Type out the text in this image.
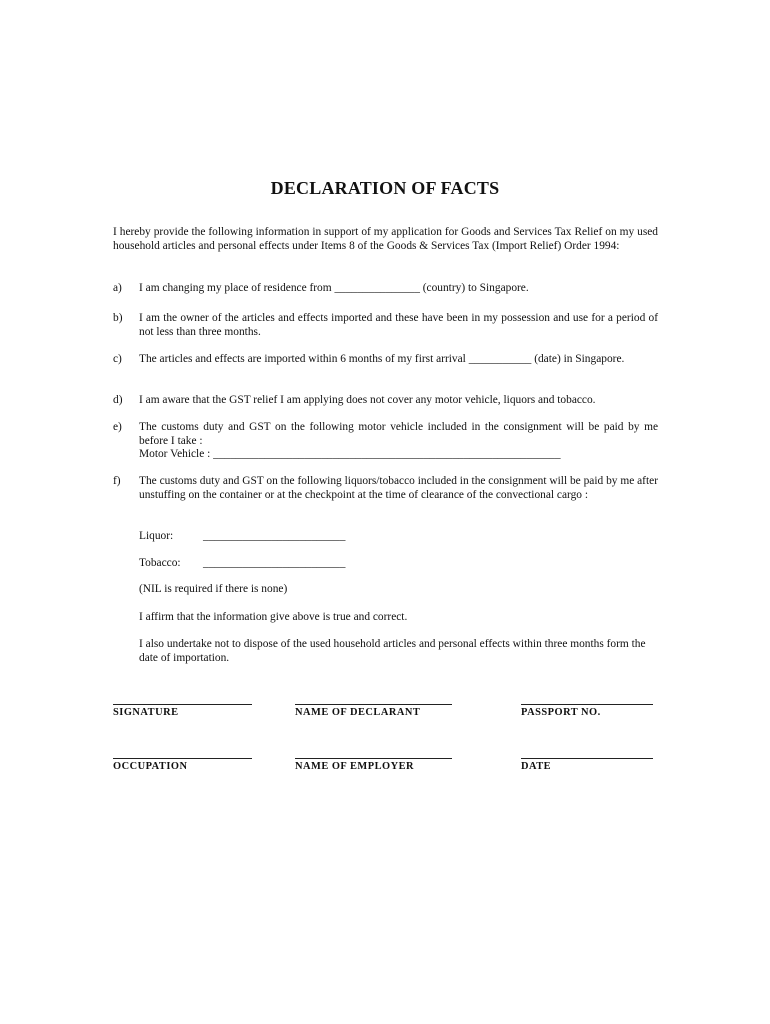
DECLARATION OF FACTS
I hereby provide the following information in support of my application for Goods and Services Tax Relief on my used household articles and personal effects under Items 8 of the Goods & Services Tax (Import Relief) Order 1994:
a)	I am changing my place of residence from _______________ (country) to Singapore.
b)	I am the owner of the articles and effects imported and these have been in my possession and use for a period of not less than three months.
c)	The articles and effects are imported within 6 months of my first arrival ___________ (date) in Singapore.
d)	I am aware that the GST relief I am applying does not cover any motor vehicle, liquors and tobacco.
e)	The customs duty and GST on the following motor vehicle included in the consignment will be paid by me before I take :
Motor Vehicle : _____________________________________________________________
f)	The customs duty and GST on the following liquors/tobacco included in the consignment will be paid by me after unstuffing on the container or at the checkpoint at the time of clearance of the convectional cargo :
Liquor:	_________________________
Tobacco: _________________________
(NIL is required if there is none)
I affirm that the information give above is true and correct.
I also undertake not to dispose of the used household articles and personal effects within three months form the date of importation.
SIGNATURE	NAME OF DECLARANT	PASSPORT NO.
OCCUPATION	NAME OF EMPLOYER	DATE
